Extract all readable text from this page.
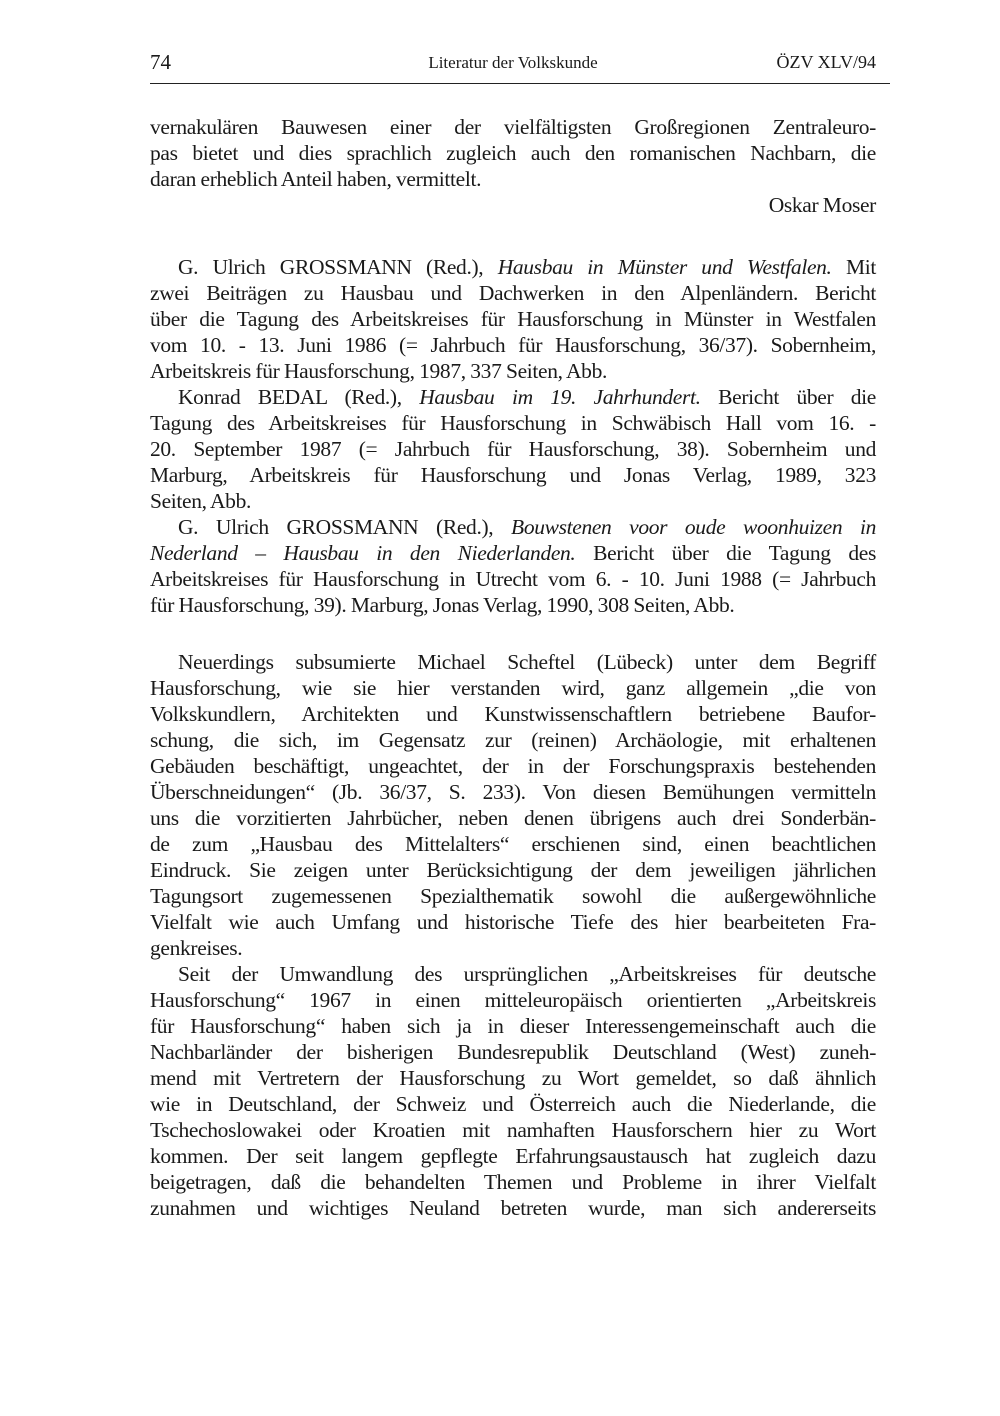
74	Literatur der Volkskunde	ÖZV XLV/94
vernakulären Bauwesen einer der vielfältigsten Großregionen Zentraleuro-
pas bietet und dies sprachlich zugleich auch den romanischen Nachbarn, die
daran erheblich Anteil haben, vermittelt.
Oskar Moser
G. Ulrich GROSSMANN (Red.), Hausbau in Münster und Westfalen. Mit
zwei Beiträgen zu Hausbau und Dachwerken in den Alpenländern. Bericht
über die Tagung des Arbeitskreises für Hausforschung in Münster in Westfalen
vom 10. - 13. Juni 1986 (= Jahrbuch für Hausforschung, 36/37). Sobernheim,
Arbeitskreis für Hausforschung, 1987, 337 Seiten, Abb.
Konrad BEDAL (Red.), Hausbau im 19. Jahrhundert. Bericht über die
Tagung des Arbeitskreises für Hausforschung in Schwäbisch Hall vom 16. -
20. September 1987 (= Jahrbuch für Hausforschung, 38). Sobernheim und
Marburg, Arbeitskreis für Hausforschung und Jonas Verlag, 1989, 323
Seiten, Abb.
G. Ulrich GROSSMANN (Red.), Bouwstenen voor oude woonhuizen in
Nederland – Hausbau in den Niederlanden. Bericht über die Tagung des
Arbeitskreises für Hausforschung in Utrecht vom 6. - 10. Juni 1988 (= Jahrbuch
für Hausforschung, 39). Marburg, Jonas Verlag, 1990, 308 Seiten, Abb.
Neuerdings subsumierte Michael Scheftel (Lübeck) unter dem Begriff
Hausforschung, wie sie hier verstanden wird, ganz allgemein „die von
Volkskundlern, Architekten und Kunstwissenschaftlern betriebene Baufor-
schung, die sich, im Gegensatz zur (reinen) Archäologie, mit erhaltenen
Gebäuden beschäftigt, ungeachtet, der in der Forschungspraxis bestehenden
Überschneidungen“ (Jb. 36/37, S. 233). Von diesen Bemühungen vermitteln
uns die vorzitierten Jahrbücher, neben denen übrigens auch drei Sonderbän-
de zum „Hausbau des Mittelalters“ erschienen sind, einen beachtlichen
Eindruck. Sie zeigen unter Berücksichtigung der dem jeweiligen jährlichen
Tagungsort zugemessenen Spezialthematik sowohl die außergewöhnliche
Vielfalt wie auch Umfang und historische Tiefe des hier bearbeiteten Fra-
genkreises.
Seit der Umwandlung des ursprünglichen „Arbeitskreises für deutsche
Hausforschung“ 1967 in einen mitteleuropäisch orientierten „Arbeitskreis
für Hausforschung“ haben sich ja in dieser Interessengemeinschaft auch die
Nachbarländer der bisherigen Bundesrepublik Deutschland (West) zuneh-
mend mit Vertretern der Hausforschung zu Wort gemeldet, so daß ähnlich
wie in Deutschland, der Schweiz und Österreich auch die Niederlande, die
Tschechoslowakei oder Kroatien mit namhaften Hausforschern hier zu Wort
kommen. Der seit langem gepflegte Erfahrungsaustausch hat zugleich dazu
beigetragen, daß die behandelten Themen und Probleme in ihrer Vielfalt
zunahmen und wichtiges Neuland betreten wurde, man sich andererseits
